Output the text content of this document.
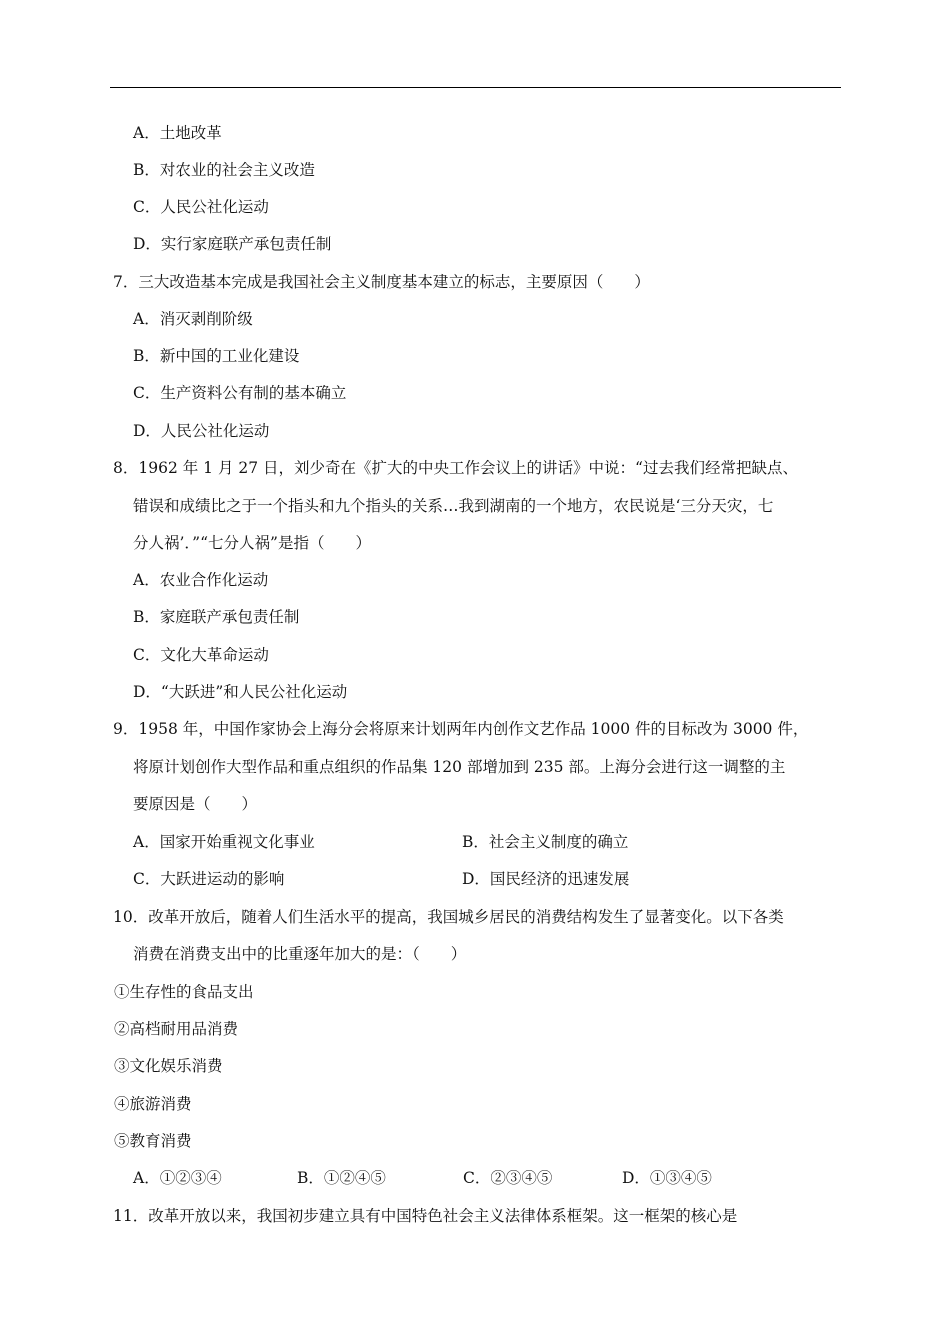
A．土地改革
B．对农业的社会主义改造
C．人民公社化运动
D．实行家庭联产承包责任制
7．三大改造基本完成是我国社会主义制度基本建立的标志，主要原因（　　）
A．消灭剥削阶级
B．新中国的工业化建设
C．生产资料公有制的基本确立
D．人民公社化运动
8．1962 年 1 月 27 日，刘少奇在《扩大的中央工作会议上的讲话》中说：“过去我们经常把缺点、
错误和成绩比之于一个指头和九个指头的关系…我到湖南的一个地方，农民说是‘三分天灾，七
分人祸’．”“七分人祸”是指（　　）
A．农业合作化运动
B．家庭联产承包责任制
C．文化大革命运动
D．“大跃进”和人民公社化运动
9．1958 年，中国作家协会上海分会将原来计划两年内创作文艺作品 1000 件的目标改为 3000 件，
将原计划创作大型作品和重点组织的作品集 120 部增加到 235 部。上海分会进行这一调整的主
要原因是（　　）
A．国家开始重视文化事业	B．社会主义制度的确立
C．大跃进运动的影响	D．国民经济的迅速发展
10．改革开放后，随着人们生活水平的提高，我国城乡居民的消费结构发生了显著变化。以下各类
消费在消费支出中的比重逐年加大的是：（　　）
①生存性的食品支出
②高档耐用品消费
③文化娱乐消费
④旅游消费
⑤教育消费
A．①②③④	B．①②④⑤	C．②③④⑤	D．①③④⑤
11．改革开放以来，我国初步建立具有中国特色社会主义法律体系框架。这一框架的核心是
